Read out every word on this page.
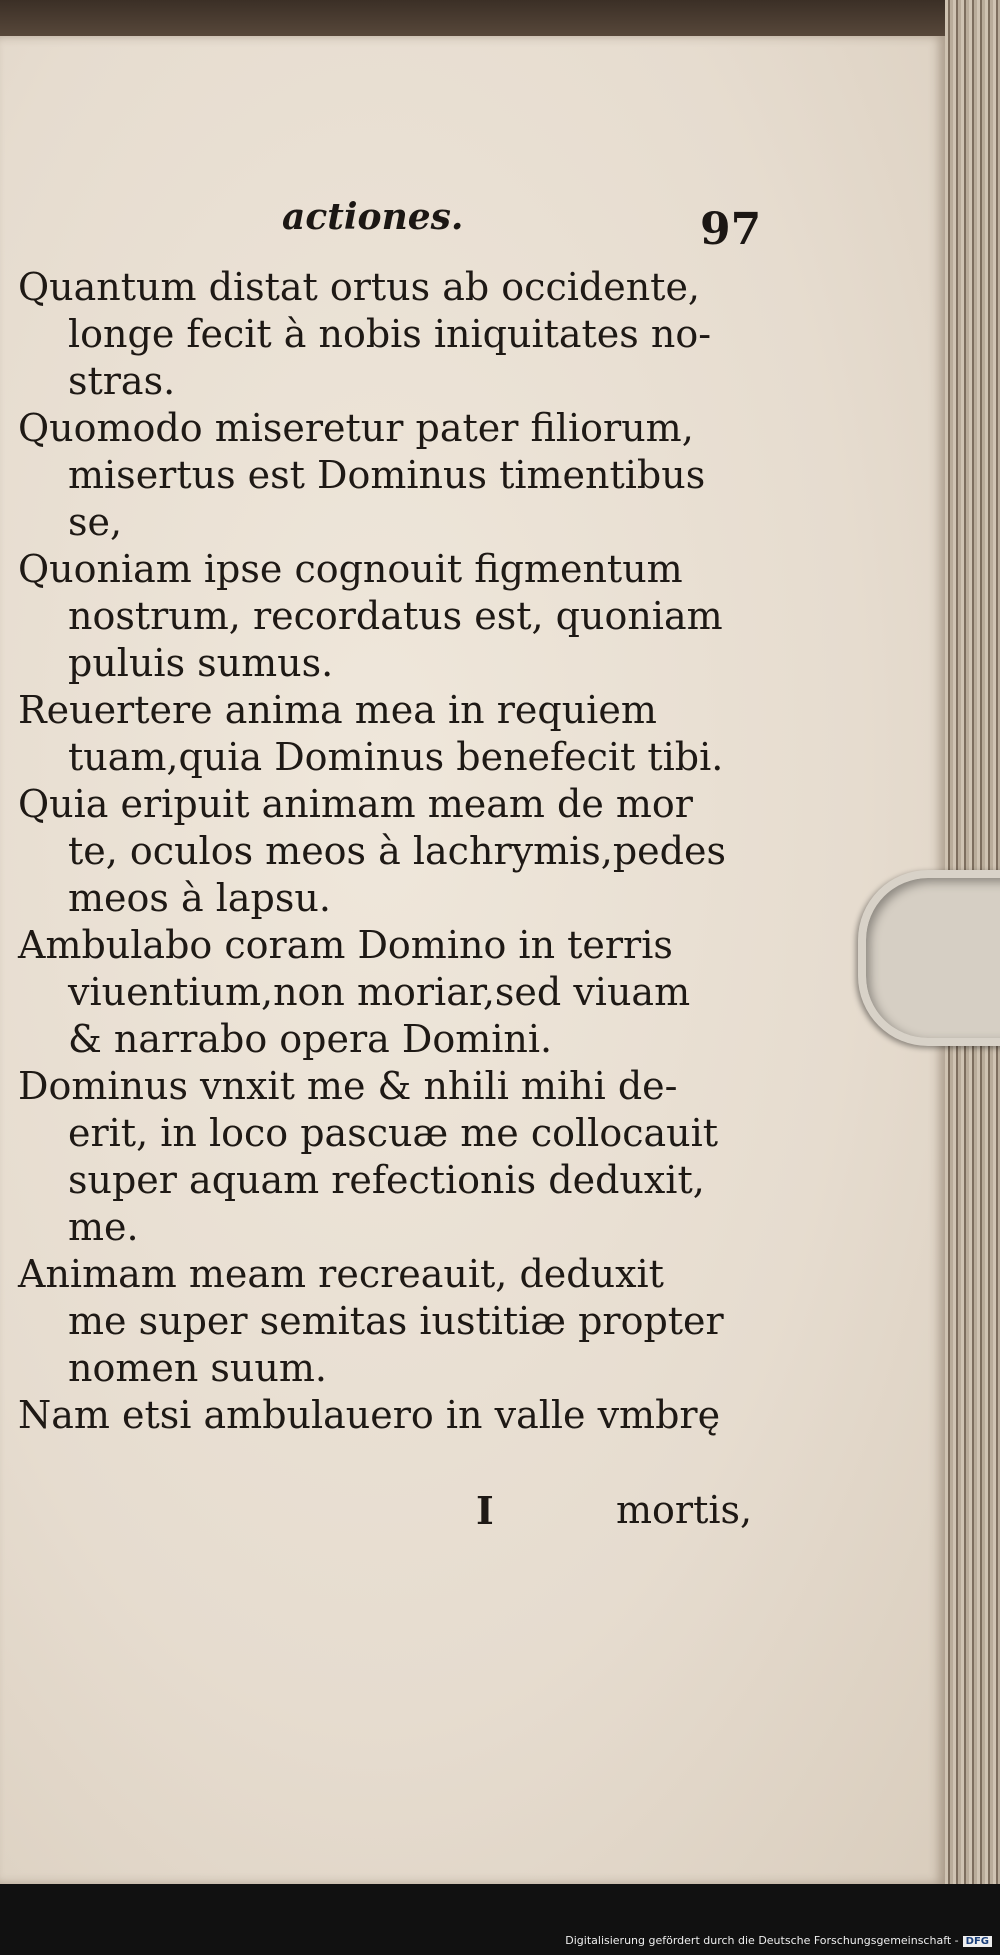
actiones.	97
Quantum distat ortus ab occidente,
longe fecit à nobis iniquitates no-
stras.
Quomodo miseretur pater filiorum,
misertus est Dominus timentibus
se,
Quoniam ipse cognouit figmentum
nostrum, recordatus est, quoniam
puluis sumus.
Reuertere anima mea in requiem
tuam,quia Dominus benefecit tibi.
Quia eripuit animam meam de mor
te, oculos meos à lachrymis,pedes
meos à lapsu.
Ambulabo coram Domino in terris
viuentium,non moriar,sed viuam
& narrabo opera Domini.
Dominus vnxit me & nhili mihi de-
erit, in loco pascuæ me collocauit
super aquam refectionis deduxit,
me.
Animam meam recreauit, deduxit
me super semitas iustitiæ propter
nomen suum.
Nam etsi ambulauero in valle vmbrę
I	mortis,
Digitalisierung gefördert durch die Deutsche Forschungsgemeinschaft - DFG
